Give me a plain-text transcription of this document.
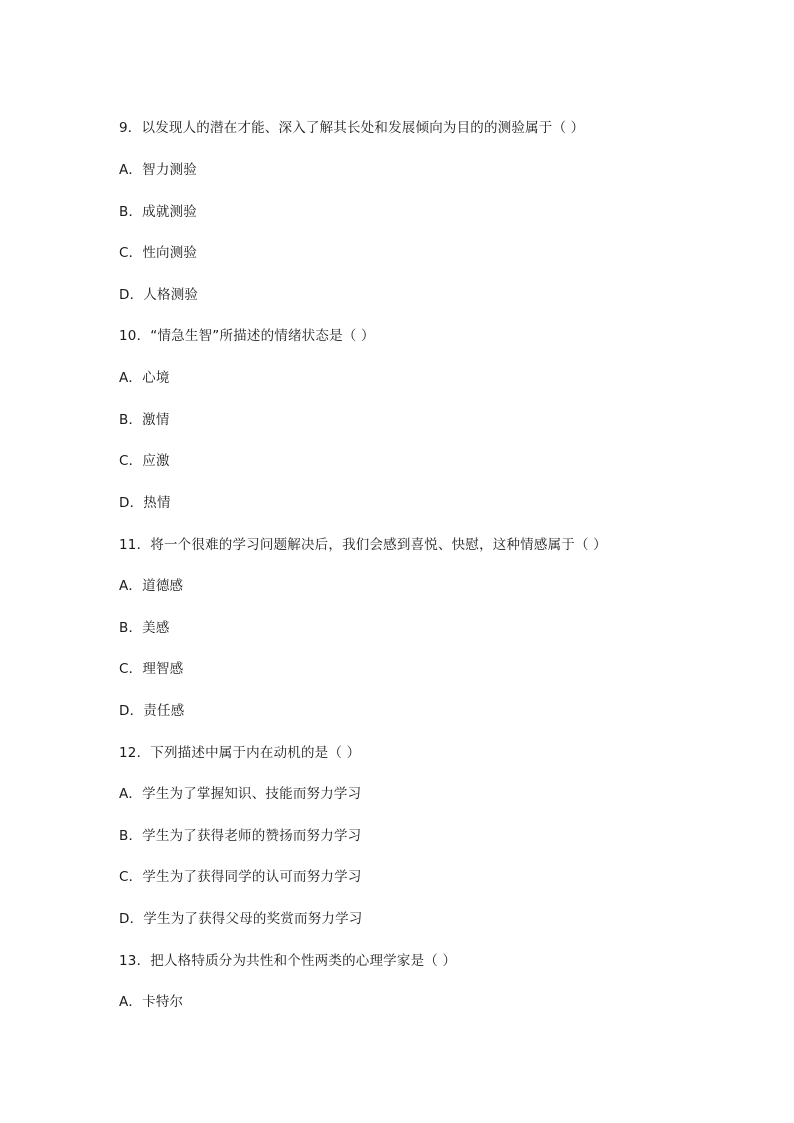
9．以发现人的潜在才能、深入了解其长处和发展倾向为目的的测验属于（ ）
A．智力测验
B．成就测验
C．性向测验
D．人格测验
10．“情急生智”所描述的情绪状态是（ ）
A．心境
B．激情
C．应激
D．热情
11．将一个很难的学习问题解决后，我们会感到喜悦、快慰，这种情感属于（ ）
A．道德感
B．美感
C．理智感
D．责任感
12．下列描述中属于内在动机的是（ ）
A．学生为了掌握知识、技能而努力学习
B．学生为了获得老师的赞扬而努力学习
C．学生为了获得同学的认可而努力学习
D．学生为了获得父母的奖赏而努力学习
13．把人格特质分为共性和个性两类的心理学家是（ ）
A．卡特尔
